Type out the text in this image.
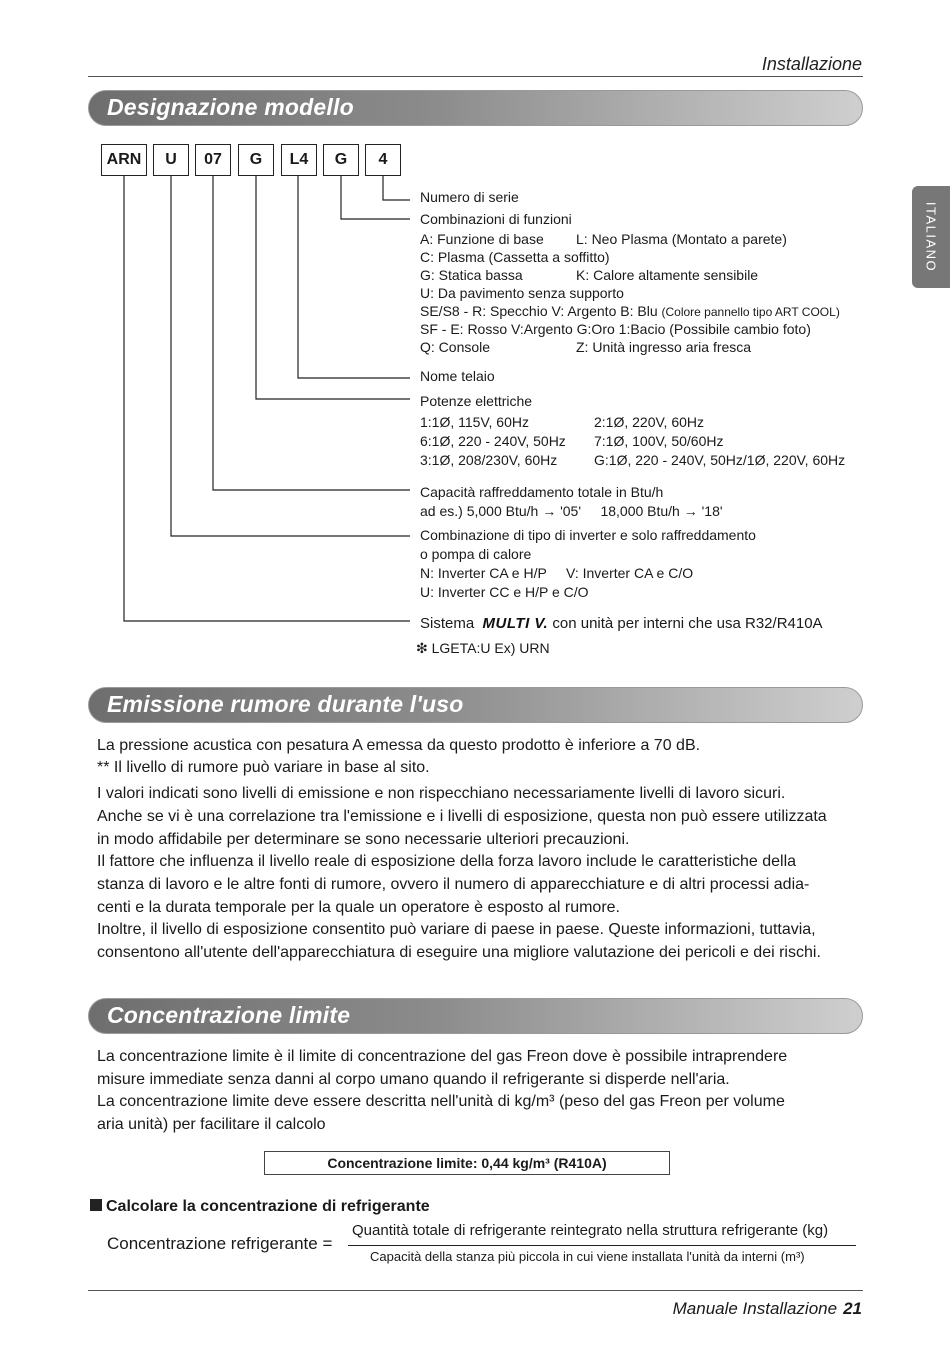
Installazione
ITALIANO
Designazione modello
ARN	U	07	G	L4	G	4
Numero di serie
Combinazioni di funzioni
A: Funzione di base L: Neo Plasma (Montato a parete)
C: Plasma (Cassetta a soffitto)
G: Statica bassa	K: Calore altamente sensibile
U: Da pavimento senza supporto
SE/S8 - R: Specchio V: Argento B: Blu (Colore pannello tipo ART COOL)
SF - E: Rosso V:Argento G:Oro 1:Bacio (Possibile cambio foto)
Q: Console	Z: Unità ingresso aria fresca
Nome telaio
Potenze elettriche
1:1Ø, 115V, 60Hz	2:1Ø, 220V, 60Hz
6:1Ø, 220 - 240V, 50Hz 7:1Ø, 100V, 50/60Hz
3:1Ø, 208/230V, 60Hz	G:1Ø, 220 - 240V, 50Hz/1Ø, 220V, 60Hz
Capacità raffreddamento totale in Btu/h
ad es.) 5,000 Btu/h → '05'     18,000 Btu/h → '18'
Combinazione di tipo di inverter e solo raffreddamento
o pompa di calore
N: Inverter CA e H/P     V: Inverter CA e C/O
U: Inverter CC e H/P e C/O
Sistema MULTI V. con unità per interni che usa R32/R410A
❇ LGETA:U Ex) URN
Emissione rumore durante l'uso
La pressione acustica con pesatura A emessa da questo prodotto è inferiore a 70 dB.
** Il livello di rumore può variare in base al sito.
I valori indicati sono livelli di emissione e non rispecchiano necessariamente livelli di lavoro sicuri.
Anche se vi è una correlazione tra l'emissione e i livelli di esposizione, questa non può essere utilizzata
in modo affidabile per determinare se sono necessarie ulteriori precauzioni.
Il fattore che influenza il livello reale di esposizione della forza lavoro include le caratteristiche della
stanza di lavoro e le altre fonti di rumore, ovvero il numero di apparecchiature e di altri processi adia-
centi e la durata temporale per la quale un operatore è esposto al rumore.
Inoltre, il livello di esposizione consentito può variare di paese in paese. Queste informazioni, tuttavia,
consentono all'utente dell'apparecchiatura di eseguire una migliore valutazione dei pericoli e dei rischi.
Concentrazione limite
La concentrazione limite è il limite di concentrazione del gas Freon dove è possibile intraprendere
misure immediate senza danni al corpo umano quando il refrigerante si disperde nell'aria.
La concentrazione limite deve essere descritta nell'unità di kg/m³ (peso del gas Freon per volume
aria unità) per facilitare il calcolo
Concentrazione limite: 0,44 kg/m³ (R410A)
Calcolare la concentrazione di refrigerante
Concentrazione refrigerante =
Quantità totale di refrigerante reintegrato nella struttura refrigerante (kg)
Capacità della stanza più piccola in cui viene installata l'unità da interni (m³)
Manuale Installazione 21
